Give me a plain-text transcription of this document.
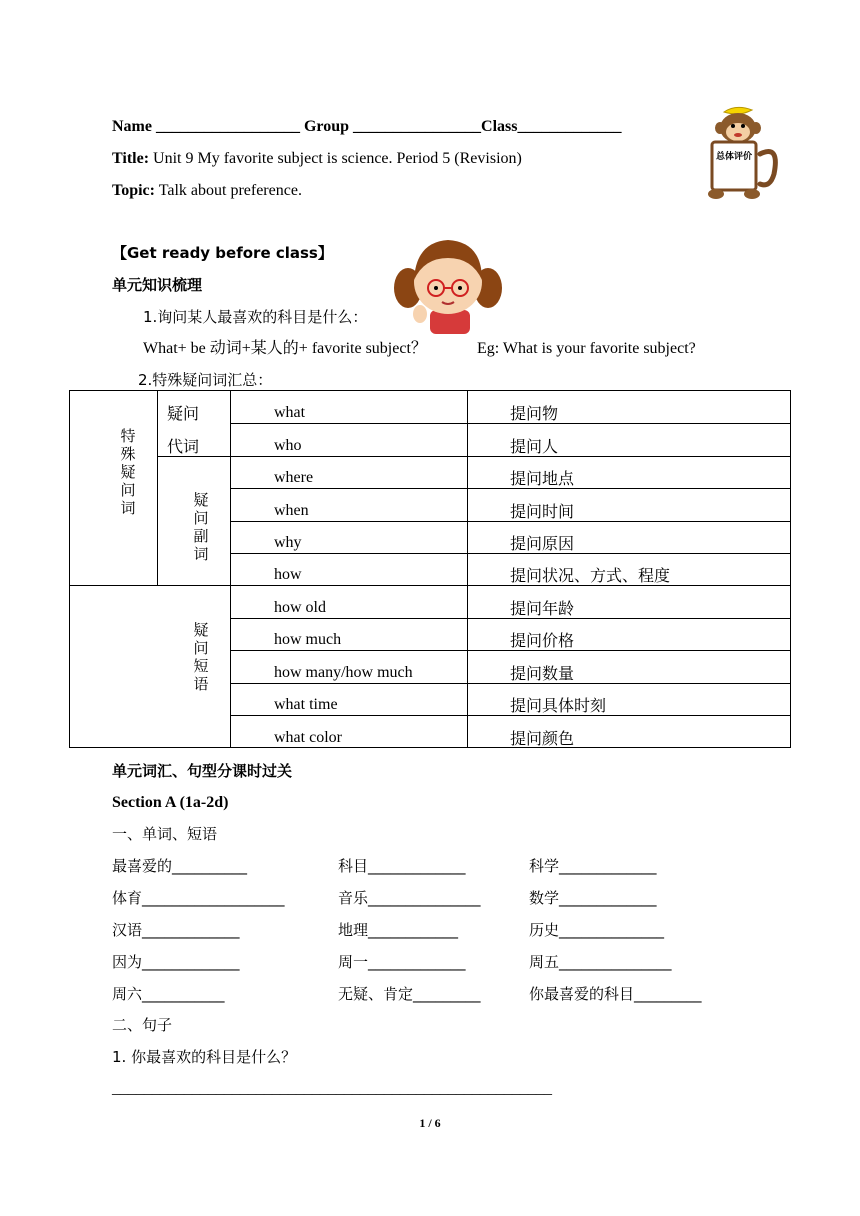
Name __________________ Group ________________Class_____________
Title: Unit 9 My favorite subject is science. Period 5 (Revision)
Topic: Talk about preference.
总体评价
【Get ready before class】
单元知识梳理
1.询问某人最喜欢的科目是什么：
What+ be 动词+某人的+ favorite subject？	Eg: What is your favorite subject?
2.特殊疑问词汇总：
特殊疑问词
疑问
代词
疑问副词
疑问短语
what	提问物
who	提问人
where	提问地点
when	提问时间
why	提问原因
how	提问状况、方式、程度
how old	提问年龄
how much	提问价格
how many/how much	提问数量
what time	提问具体时刻
what color	提问颜色
单元词汇、句型分课时过关
Section A (1a-2d)
一、单词、短语
最喜爱的__________	科目_____________	科学_____________
体育___________________	音乐_______________	数学_____________
汉语_____________	地理____________	历史______________
因为_____________	周一_____________	周五_______________
周六___________	无疑、肯定_________	你最喜爱的科目_________
二、句子
1. 你最喜欢的科目是什么？
_______________________________________________________
1 / 6
